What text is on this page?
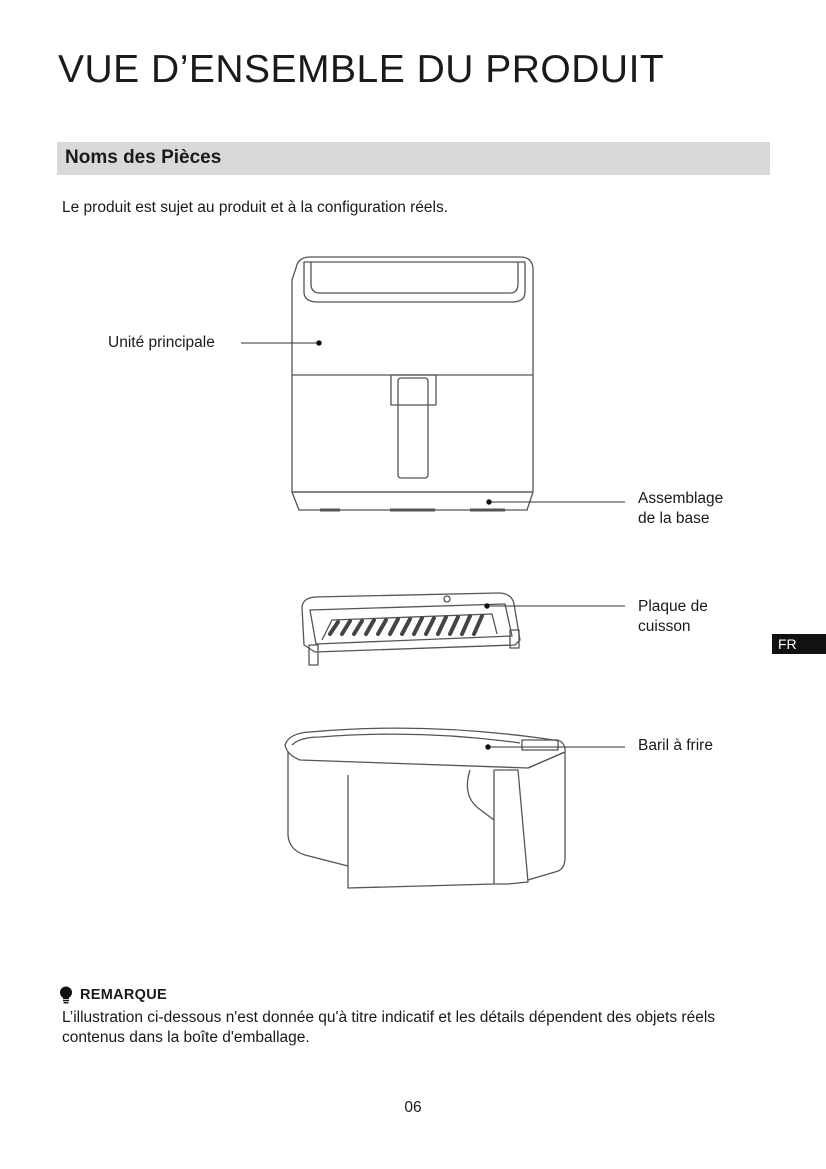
VUE D’ENSEMBLE DU PRODUIT
Noms des Pièces
Le produit est sujet au produit et à la configuration réels.
Unité principale
Assemblage
de la base
Plaque de
cuisson
Baril à frire
FR
REMARQUE
L’illustration ci-dessous n'est donnée qu'à titre indicatif et les détails dépendent des objets réels contenus dans la boîte d'emballage.
06
